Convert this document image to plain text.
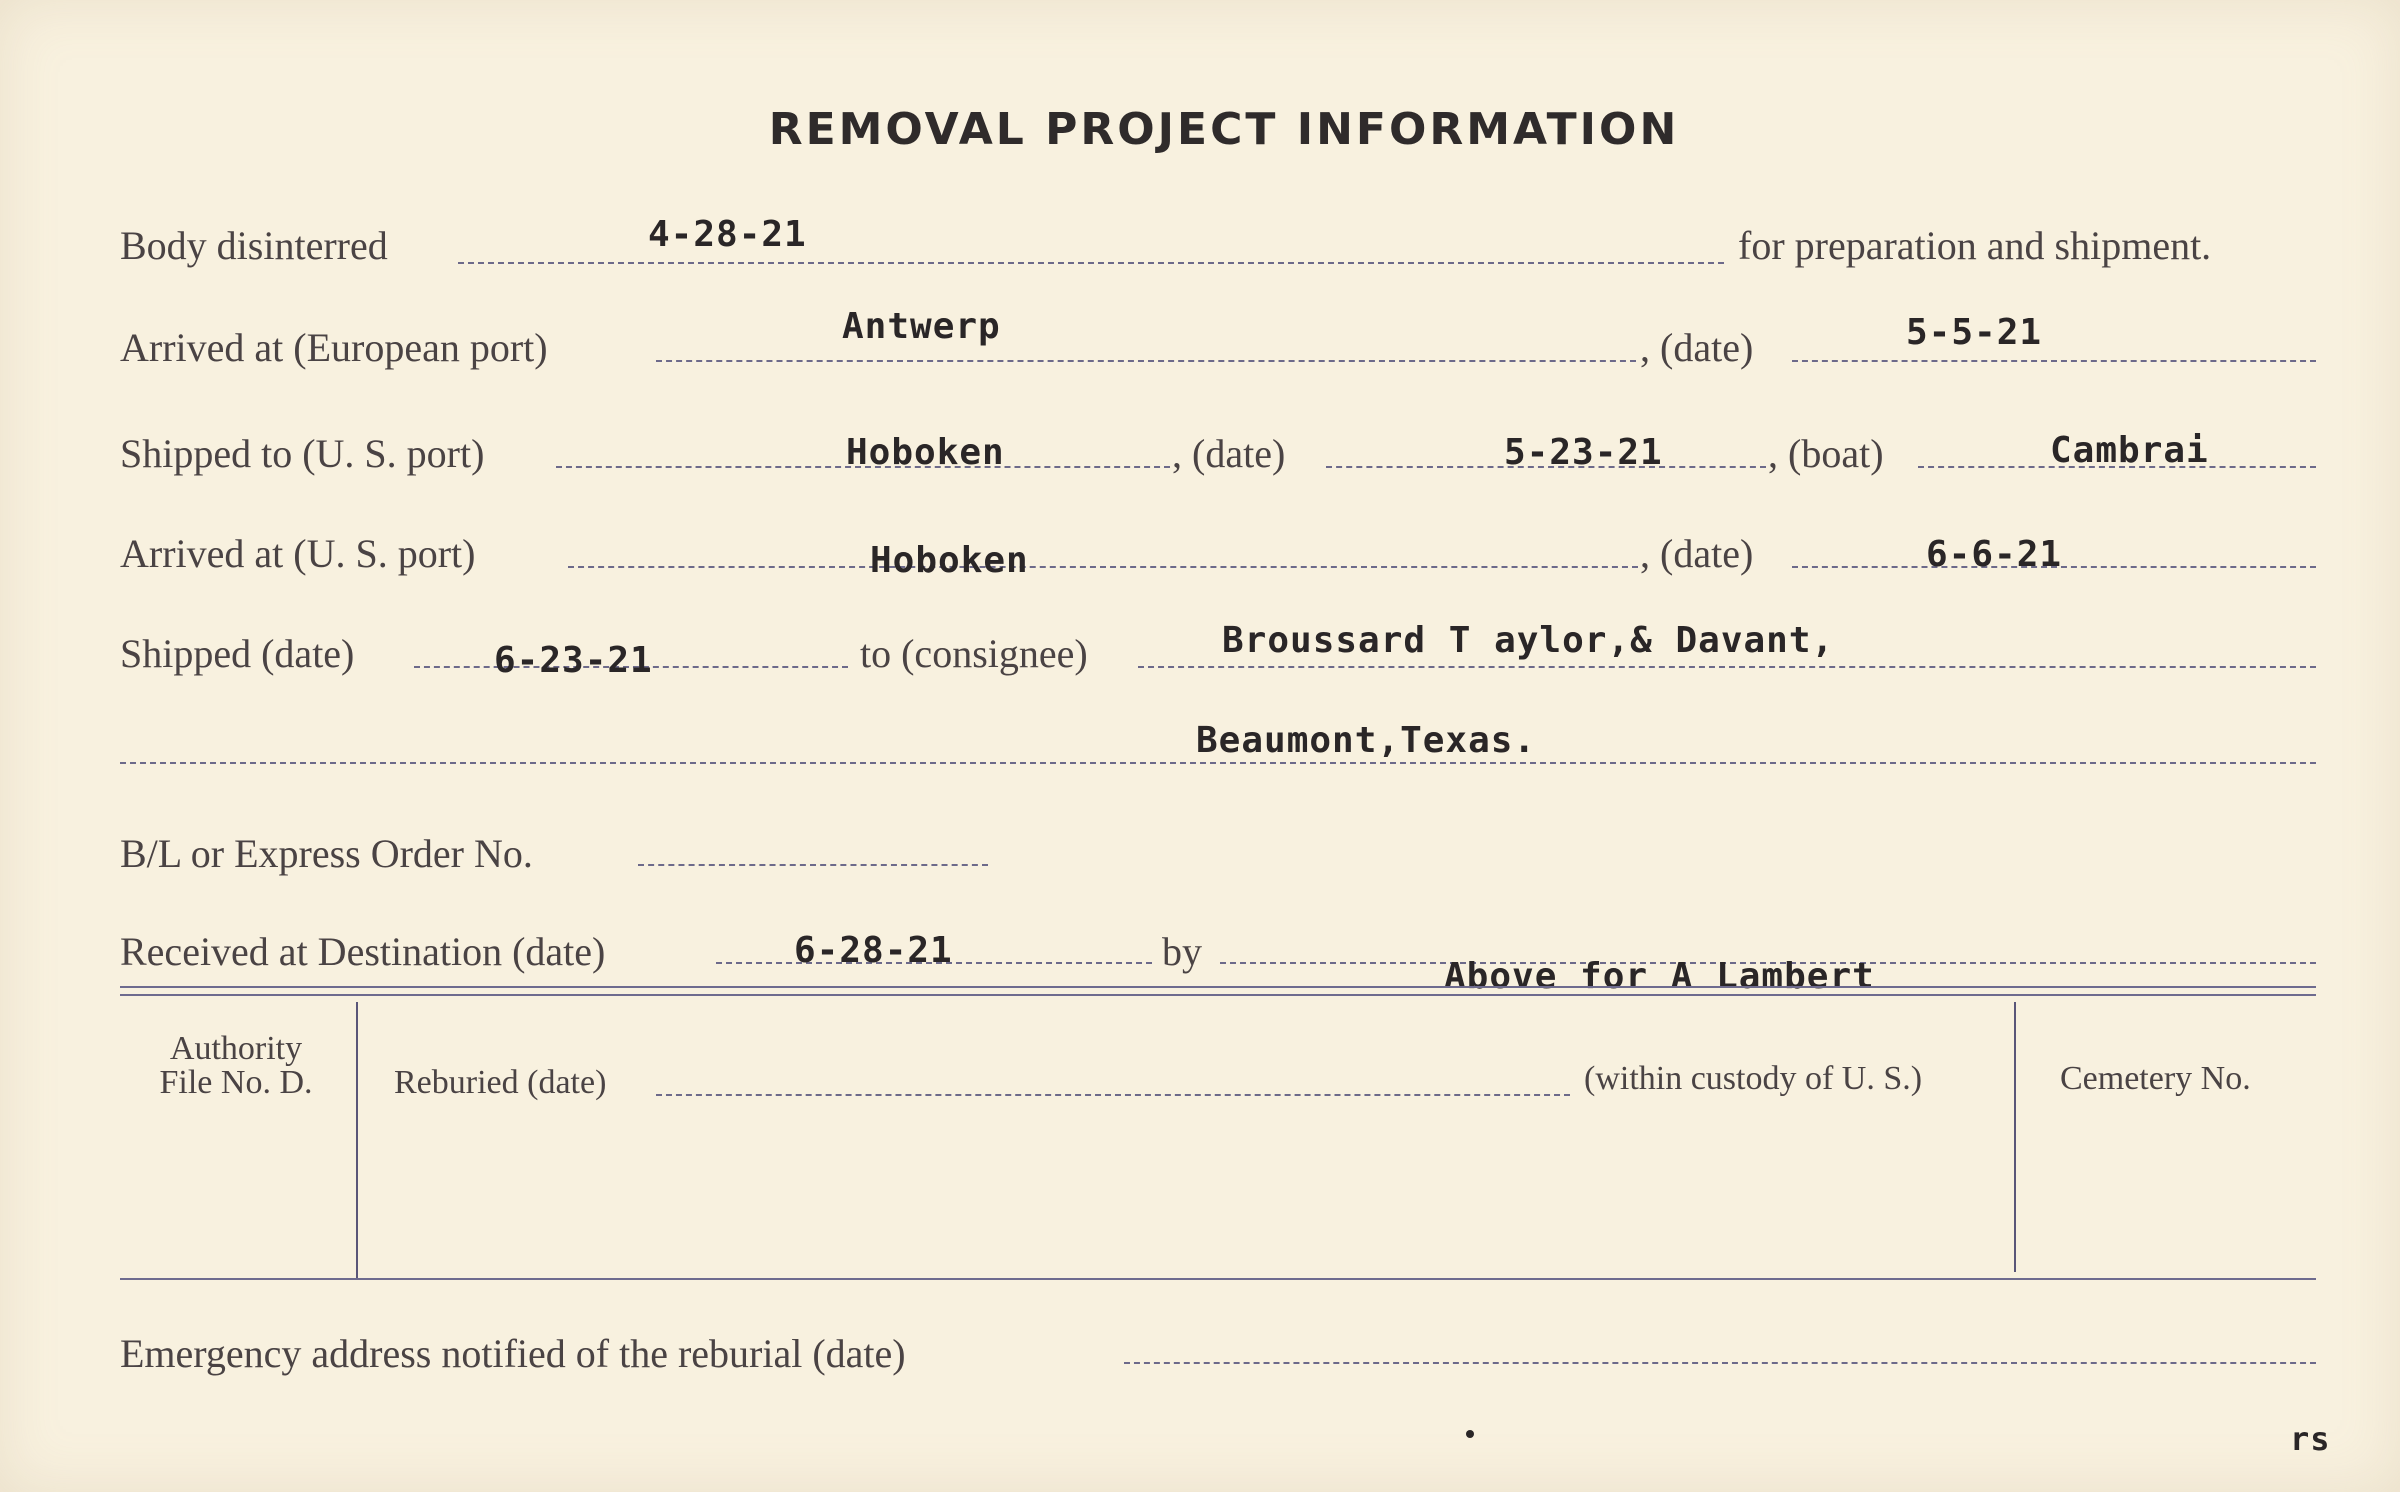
REMOVAL PROJECT INFORMATION
Body disinterred	4-28-21	for preparation and shipment.
Arrived at (European port)	Antwerp	, (date)	5-5-21
Shipped to (U. S. port)	Hoboken	, (date)	5-23-21	, (boat)	Cambrai
Arrived at (U. S. port)	Hoboken	, (date)	6-6-21
Shipped (date)	6-23-21	to (consignee)	Broussard T aylor,& Davant,
Beaumont,Texas.
B/L or Express Order No.
Received at Destination (date)	6-28-21	by
Above for A Lambert
Authority
File No. D.	Reburied (date)	(within custody of U. S.)	Cemetery No.
Emergency address notified of the reburial (date)
rs
